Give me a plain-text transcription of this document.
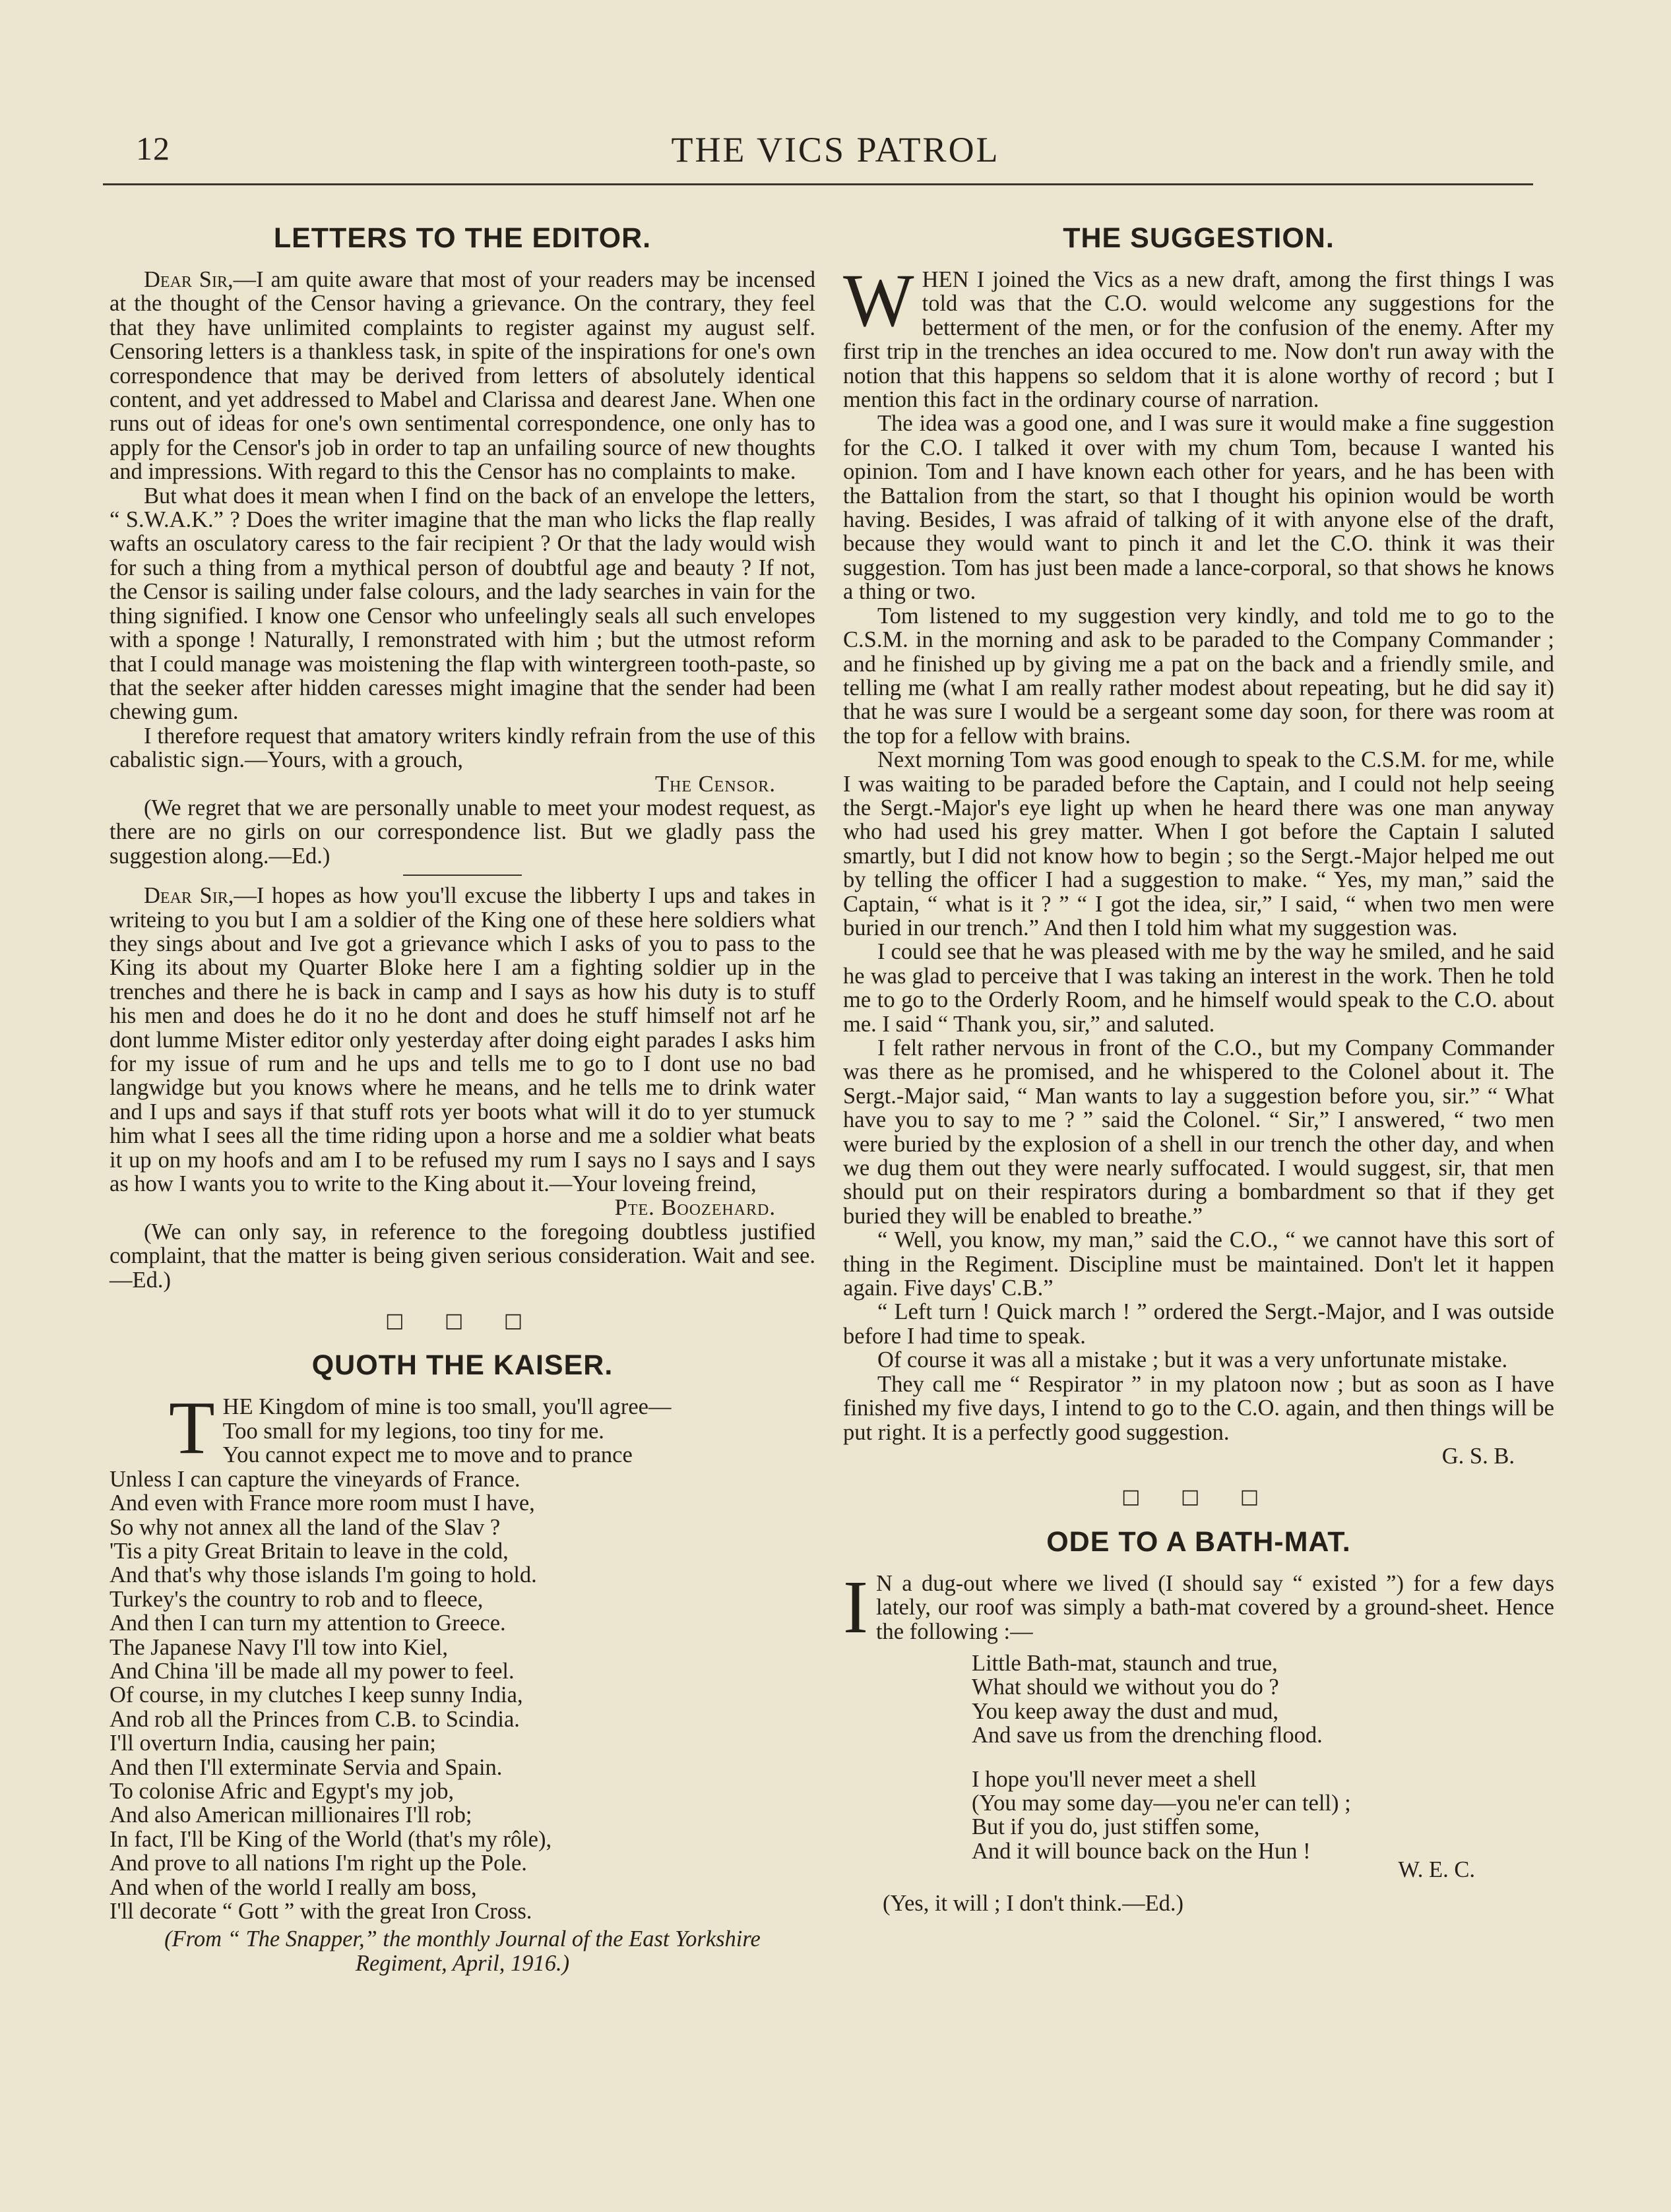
12	THE VICS PATROL
LETTERS TO THE EDITOR.

Dear Sir,—I am quite aware that most of your readers may be incensed at the thought of the Censor having a grievance. On the contrary, they feel that they have unlimited complaints to register against my august self. Censoring letters is a thankless task, in spite of the inspirations for one's own correspondence that may be derived from letters of absolutely identical content, and yet addressed to Mabel and Clarissa and dearest Jane. When one runs out of ideas for one's own sentimental correspondence, one only has to apply for the Censor's job in order to tap an unfailing source of new thoughts and impressions. With regard to this the Censor has no complaints to make.

But what does it mean when I find on the back of an envelope the letters, “ S.W.A.K.” ? Does the writer imagine that the man who licks the flap really wafts an osculatory caress to the fair recipient ? Or that the lady would wish for such a thing from a mythical person of doubtful age and beauty ? If not, the Censor is sailing under false colours, and the lady searches in vain for the thing signified. I know one Censor who unfeelingly seals all such envelopes with a sponge ! Naturally, I remonstrated with him ; but the utmost reform that I could manage was moistening the flap with wintergreen tooth-paste, so that the seeker after hidden caresses might imagine that the sender had been chewing gum.

I therefore request that amatory writers kindly refrain from the use of this cabalistic sign.—Yours, with a grouch,

The Censor.

(We regret that we are personally unable to meet your modest request, as there are no girls on our correspondence list. But we gladly pass the suggestion along.—Ed.)

Dear Sir,—I hopes as how you'll excuse the libberty I ups and takes in writeing to you but I am a soldier of the King one of these here soldiers what they sings about and Ive got a grievance which I asks of you to pass to the King its about my Quarter Bloke here I am a fighting soldier up in the trenches and there he is back in camp and I says as how his duty is to stuff his men and does he do it no he dont and does he stuff himself not arf he dont lumme Mister editor only yesterday after doing eight parades I asks him for my issue of rum and he ups and tells me to go to I dont use no bad langwidge but you knows where he means, and he tells me to drink water and I ups and says if that stuff rots yer boots what will it do to yer stumuck him what I sees all the time riding upon a horse and me a soldier what beats it up on my hoofs and am I to be refused my rum I says no I says and I says as how I wants you to write to the King about it.—Your loveing freind,

Pte. Boozehard.

(We can only say, in reference to the foregoing doubtless justified complaint, that the matter is being given serious consideration. Wait and see.—Ed.)

□ □ □
QUOTH THE KAISER.
T HE Kingdom of mine is too small, you'll agree—
Too small for my legions, too tiny for me.
You cannot expect me to move and to prance
Unless I can capture the vineyards of France.
And even with France more room must I have,
So why not annex all the land of the Slav ?
'Tis a pity Great Britain to leave in the cold,
And that's why those islands I'm going to hold.
Turkey's the country to rob and to fleece,
And then I can turn my attention to Greece.
The Japanese Navy I'll tow into Kiel,
And China 'ill be made all my power to feel.
Of course, in my clutches I keep sunny India,
And rob all the Princes from C.B. to Scindia.
I'll overturn India, causing her pain;
And then I'll exterminate Servia and Spain.
To colonise Afric and Egypt's my job,
And also American millionaires I'll rob;
In fact, I'll be King of the World (that's my rôle),
And prove to all nations I'm right up the Pole.
And when of the world I really am boss,
I'll decorate “ Gott ” with the great Iron Cross.
(From “ The Snapper,” the monthly Journal of the East Yorkshire
Regiment, April, 1916.)
THE SUGGESTION.

WHEN I joined the Vics as a new draft, among the first things I was told was that the C.O. would welcome any suggestions for the betterment of the men, or for the confusion of the enemy. After my first trip in the trenches an idea occured to me. Now don't run away with the notion that this happens so seldom that it is alone worthy of record ; but I mention this fact in the ordinary course of narration.

The idea was a good one, and I was sure it would make a fine suggestion for the C.O. I talked it over with my chum Tom, because I wanted his opinion. Tom and I have known each other for years, and he has been with the Battalion from the start, so that I thought his opinion would be worth having. Besides, I was afraid of talking of it with anyone else of the draft, because they would want to pinch it and let the C.O. think it was their suggestion. Tom has just been made a lance-corporal, so that shows he knows a thing or two.

Tom listened to my suggestion very kindly, and told me to go to the C.S.M. in the morning and ask to be paraded to the Company Commander ; and he finished up by giving me a pat on the back and a friendly smile, and telling me (what I am really rather modest about repeating, but he did say it) that he was sure I would be a sergeant some day soon, for there was room at the top for a fellow with brains.

Next morning Tom was good enough to speak to the C.S.M. for me, while I was waiting to be paraded before the Captain, and I could not help seeing the Sergt.-Major's eye light up when he heard there was one man anyway who had used his grey matter. When I got before the Captain I saluted smartly, but I did not know how to begin ; so the Sergt.-Major helped me out by telling the officer I had a suggestion to make. “ Yes, my man,” said the Captain, “ what is it ? ” “ I got the idea, sir,” I said, “ when two men were buried in our trench.” And then I told him what my suggestion was.

I could see that he was pleased with me by the way he smiled, and he said he was glad to perceive that I was taking an interest in the work. Then he told me to go to the Orderly Room, and he himself would speak to the C.O. about me. I said “ Thank you, sir,” and saluted.

I felt rather nervous in front of the C.O., but my Company Commander was there as he promised, and he whispered to the Colonel about it. The Sergt.-Major said, “ Man wants to lay a suggestion before you, sir.” “ What have you to say to me ? ” said the Colonel. “ Sir,” I answered, “ two men were buried by the explosion of a shell in our trench the other day, and when we dug them out they were nearly suffocated. I would suggest, sir, that men should put on their respirators during a bombardment so that if they get buried they will be enabled to breathe.”

“ Well, you know, my man,” said the C.O., “ we cannot have this sort of thing in the Regiment. Discipline must be maintained. Don't let it happen again. Five days' C.B.”

“ Left turn ! Quick march ! ” ordered the Sergt.-Major, and I was outside before I had time to speak.

Of course it was all a mistake ; but it was a very unfortunate mistake.

They call me “ Respirator ” in my platoon now ; but as soon as I have finished my five days, I intend to go to the C.O. again, and then things will be put right. It is a perfectly good suggestion.

G. S. B.
□ □ □
ODE TO A BATH-MAT.

I N a dug-out where we lived (I should say “ existed ”) for a few days lately, our roof was simply a bath-mat covered by a ground-sheet. Hence the following :—

Little Bath-mat, staunch and true,
What should we without you do ?
You keep away the dust and mud,
And save us from the drenching flood.
I hope you'll never meet a shell
(You may some day—you ne'er can tell) ;
But if you do, just stiffen some,
And it will bounce back on the Hun !
W. E. C.
(Yes, it will ; I don't think.—Ed.)
